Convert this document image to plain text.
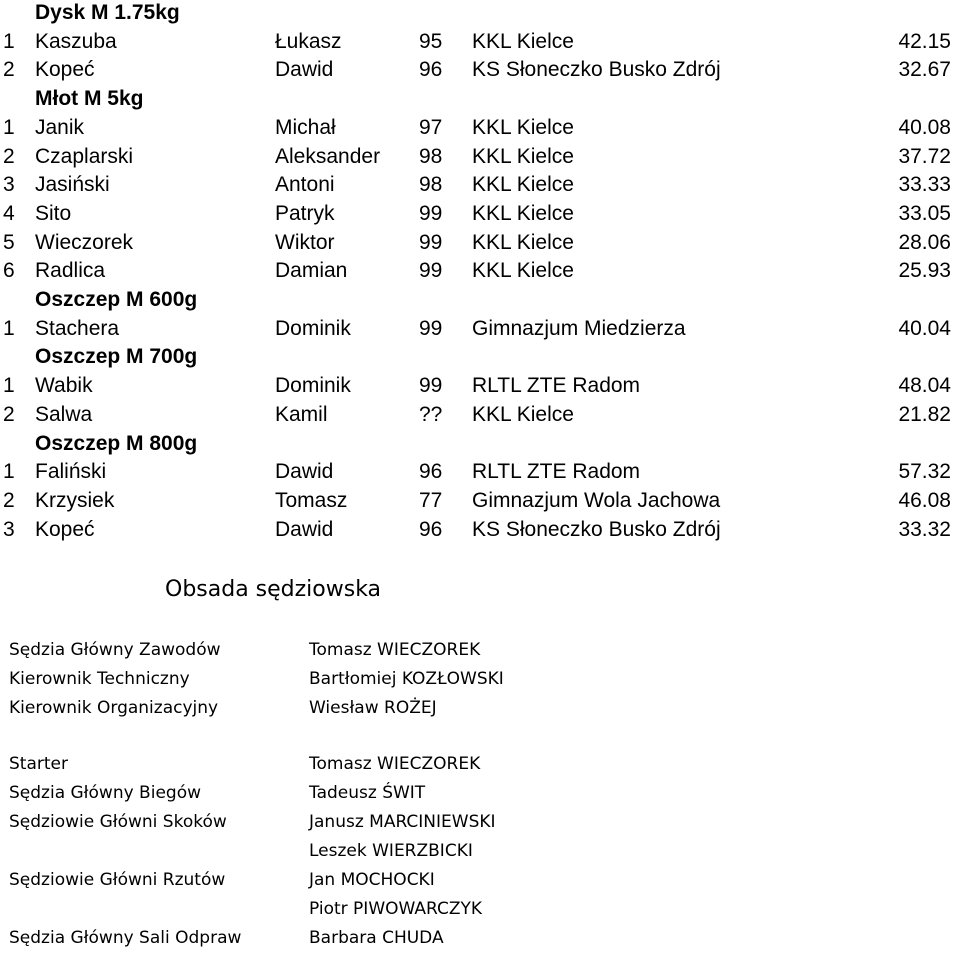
Dysk M 1.75kg
1 Kaszuba	Łukasz	95 KKL Kielce	42.15
2 Kopeć	Dawid	96 KS Słoneczko Busko Zdrój	32.67
Młot M 5kg
1 Janik	Michał	97 KKL Kielce	40.08
2 Czaplarski	Aleksander 98 KKL Kielce	37.72
3 Jasiński	Antoni	98 KKL Kielce	33.33
4 Sito	Patryk	99 KKL Kielce	33.05
5 Wieczorek	Wiktor	99 KKL Kielce	28.06
6 Radlica	Damian	99 KKL Kielce	25.93
Oszczep M 600g
1 Stachera	Dominik	99 Gimnazjum Miedzierza	40.04
Oszczep M 700g
1 Wabik	Dominik	99 RLTL ZTE Radom	48.04
2 Salwa	Kamil	?? KKL Kielce	21.82
Oszczep M 800g
1 Faliński	Dawid	96 RLTL ZTE Radom	57.32
2 Krzysiek	Tomasz	77 Gimnazjum Wola Jachowa	46.08
3 Kopeć	Dawid	96 KS Słoneczko Busko Zdrój	33.32
Obsada sędziowska
Sędzia Główny Zawodów	Tomasz WIECZOREK
Kierownik Techniczny	Bartłomiej KOZŁOWSKI
Kierownik Organizacyjny	Wiesław ROŻEJ
Starter	Tomasz WIECZOREK
Sędzia Główny Biegów	Tadeusz ŚWIT
Sędziowie Główni Skoków	Janusz MARCINIEWSKI
Leszek WIERZBICKI
Sędziowie Główni Rzutów	Jan MOCHOCKI
Piotr PIWOWARCZYK
Sędzia Główny Sali Odpraw	Barbara CHUDA
